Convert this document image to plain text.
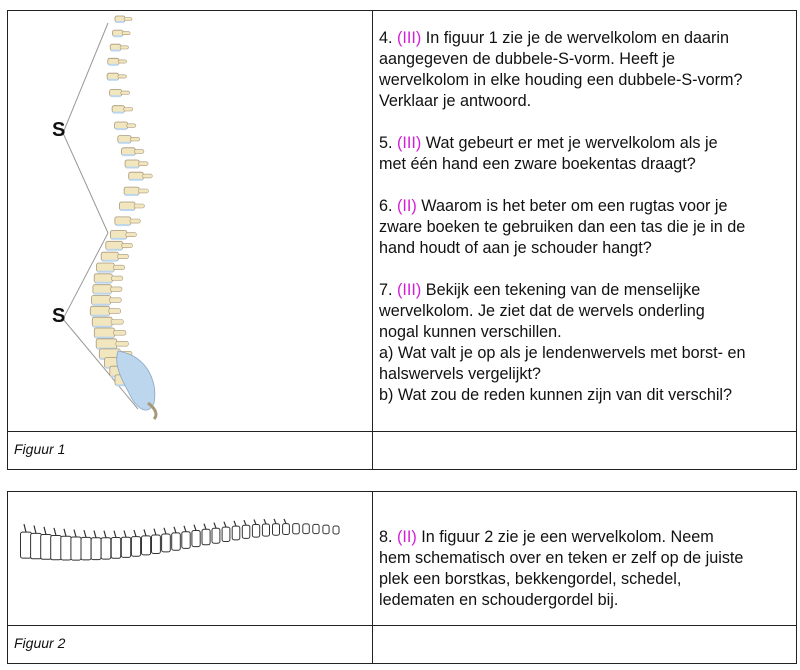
S
S
4. (III) In figuur 1 zie je de wervelkolom en daarin
aangegeven de dubbele-S-vorm. Heeft je
wervelkolom in elke houding een dubbele-S-vorm?
Verklaar je antwoord.
5. (III) Wat gebeurt er met je wervelkolom als je
met één hand een zware boekentas draagt?
6. (II) Waarom is het beter om een rugtas voor je
zware boeken te gebruiken dan een tas die je in de
hand houdt of aan je schouder hangt?
7. (III) Bekijk een tekening van de menselijke
wervelkolom. Je ziet dat de wervels onderling
nogal kunnen verschillen.
a) Wat valt je op als je lendenwervels met borst- en
halswervels vergelijkt?
b) Wat zou de reden kunnen zijn van dit verschil?
Figuur 1
8. (II) In figuur 2 zie je een wervelkolom. Neem
hem schematisch over en teken er zelf op de juiste
plek een borstkas, bekkengordel, schedel,
ledematen en schoudergordel bij.
Figuur 2
